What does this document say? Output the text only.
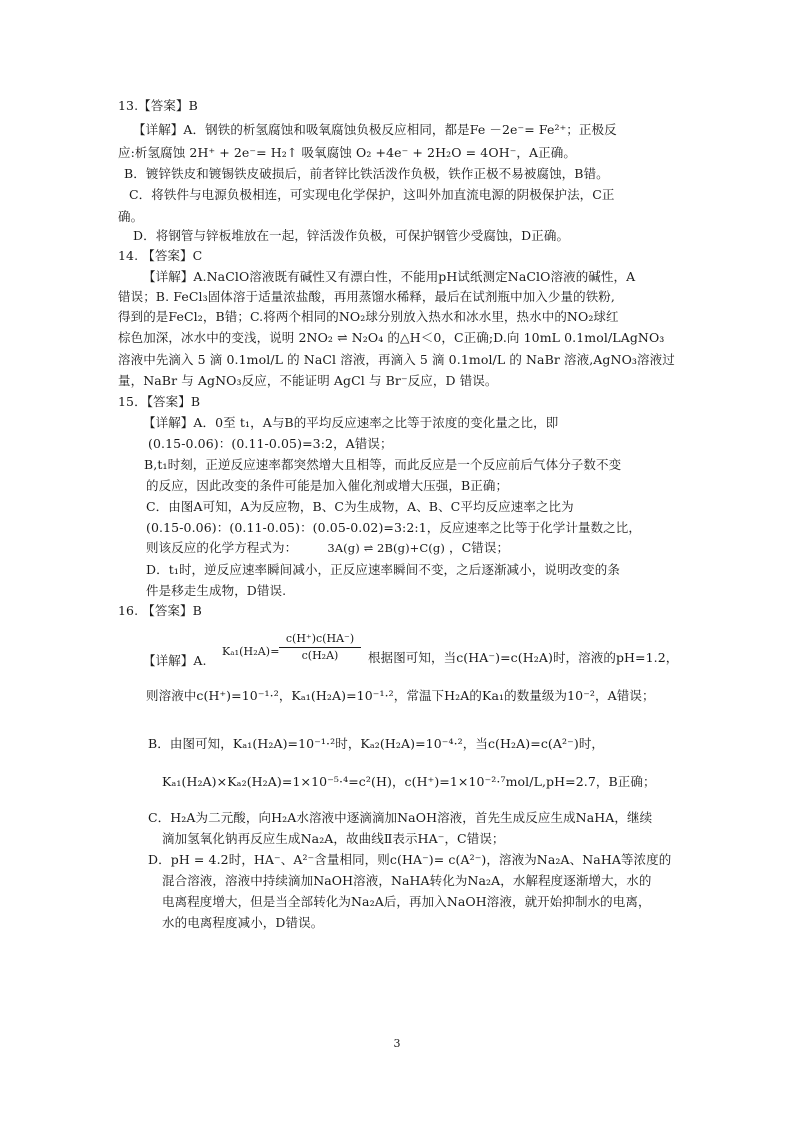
13.【答案】B
【详解】A．钢铁的析氢腐蚀和吸氧腐蚀负极反应相同，都是Fe －2e⁻= Fe²⁺；正极反
应:析氢腐蚀 2H⁺ + 2e⁻= H₂↑ 吸氧腐蚀 O₂ +4e⁻ + 2H₂O = 4OH⁻，A正确。
B．镀锌铁皮和镀锡铁皮破损后，前者锌比铁活泼作负极，铁作正极不易被腐蚀，B错。
C．将铁件与电源负极相连，可实现电化学保护，这叫外加直流电源的阴极保护法，C正
确。
D．将钢管与锌板堆放在一起，锌活泼作负极，可保护钢管少受腐蚀，D正确。
14. 【答案】C
【详解】A.NaClO溶液既有碱性又有漂白性，不能用pH试纸测定NaClO溶液的碱性，A
错误；B. FeCl₃固体溶于适量浓盐酸，再用蒸馏水稀释，最后在试剂瓶中加入少量的铁粉,
得到的是FeCl₂，B错；C.将两个相同的NO₂球分别放入热水和冰水里，热水中的NO₂球红
棕色加深，冰水中的变浅，说明 2NO₂ ⇌ N₂O₄ 的△H＜0，C正确;D.向 10mL 0.1mol/LAgNO₃
溶液中先滴入 5 滴 0.1mol/L 的 NaCl 溶液，再滴入 5 滴 0.1mol/L 的 NaBr 溶液,AgNO₃溶液过
量，NaBr 与 AgNO₃反应，不能证明 AgCl 与 Br⁻反应，D 错误。
15．【答案】B
【详解】A．0至 t₁，A与B的平均反应速率之比等于浓度的变化量之比，即
(0.15-0.06)：(0.11-0.05)=3:2，A错误；
B,t₁时刻，正逆反应速率都突然增大且相等，而此反应是一个反应前后气体分子数不变
的反应，因此改变的条件可能是加入催化剂或增大压强，B正确；
C．由图A可知，A为反应物，B、C为生成物，A、B、C平均反应速率之比为
(0.15-0.06)：(0.11-0.05)：(0.05-0.02)=3:2:1，反应速率之比等于化学计量数之比，
则该反应的化学方程式为：	3A(g) ⇌ 2B(g)+C(g) ，C错误；
D．t₁时，逆反应速率瞬间减小，正反应速率瞬间不变，之后逐渐减小，说明改变的条
件是移走生成物，D错误.
16. 【答案】B
Kₐ₁(H₂A)=
c(H⁺)c(HA⁻)
c(H₂A)
【详解】A.	根据图可知，当c(HA⁻)=c(H₂A)时，溶液的pH=1.2，
则溶液中c(H⁺)=10⁻¹·²，Kₐ₁(H₂A)=10⁻¹·²，常温下H₂A的Ka₁的数量级为10⁻²，A错误；
B．由图可知，Kₐ₁(H₂A)=10⁻¹·²时，Kₐ₂(H₂A)=10⁻⁴·²，当c(H₂A)=c(A²⁻)时，
Kₐ₁(H₂A)×Kₐ₂(H₂A)=1×10⁻⁵·⁴=c²(H)，c(H⁺)=1×10⁻²·⁷mol/L,pH=2.7，B正确；
C．H₂A为二元酸，向H₂A水溶液中逐滴滴加NaOH溶液，首先生成反应生成NaHA，继续
滴加氢氧化钠再反应生成Na₂A，故曲线Ⅱ表示HA⁻，C错误；
D．pH = 4.2时，HA⁻、A²⁻含量相同，则c(HA⁻)= c(A²⁻)，溶液为Na₂A、NaHA等浓度的
混合溶液，溶液中持续滴加NaOH溶液，NaHA转化为Na₂A，水解程度逐渐增大，水的
电离程度增大，但是当全部转化为Na₂A后，再加入NaOH溶液，就开始抑制水的电离，
水的电离程度减小，D错误。
3
